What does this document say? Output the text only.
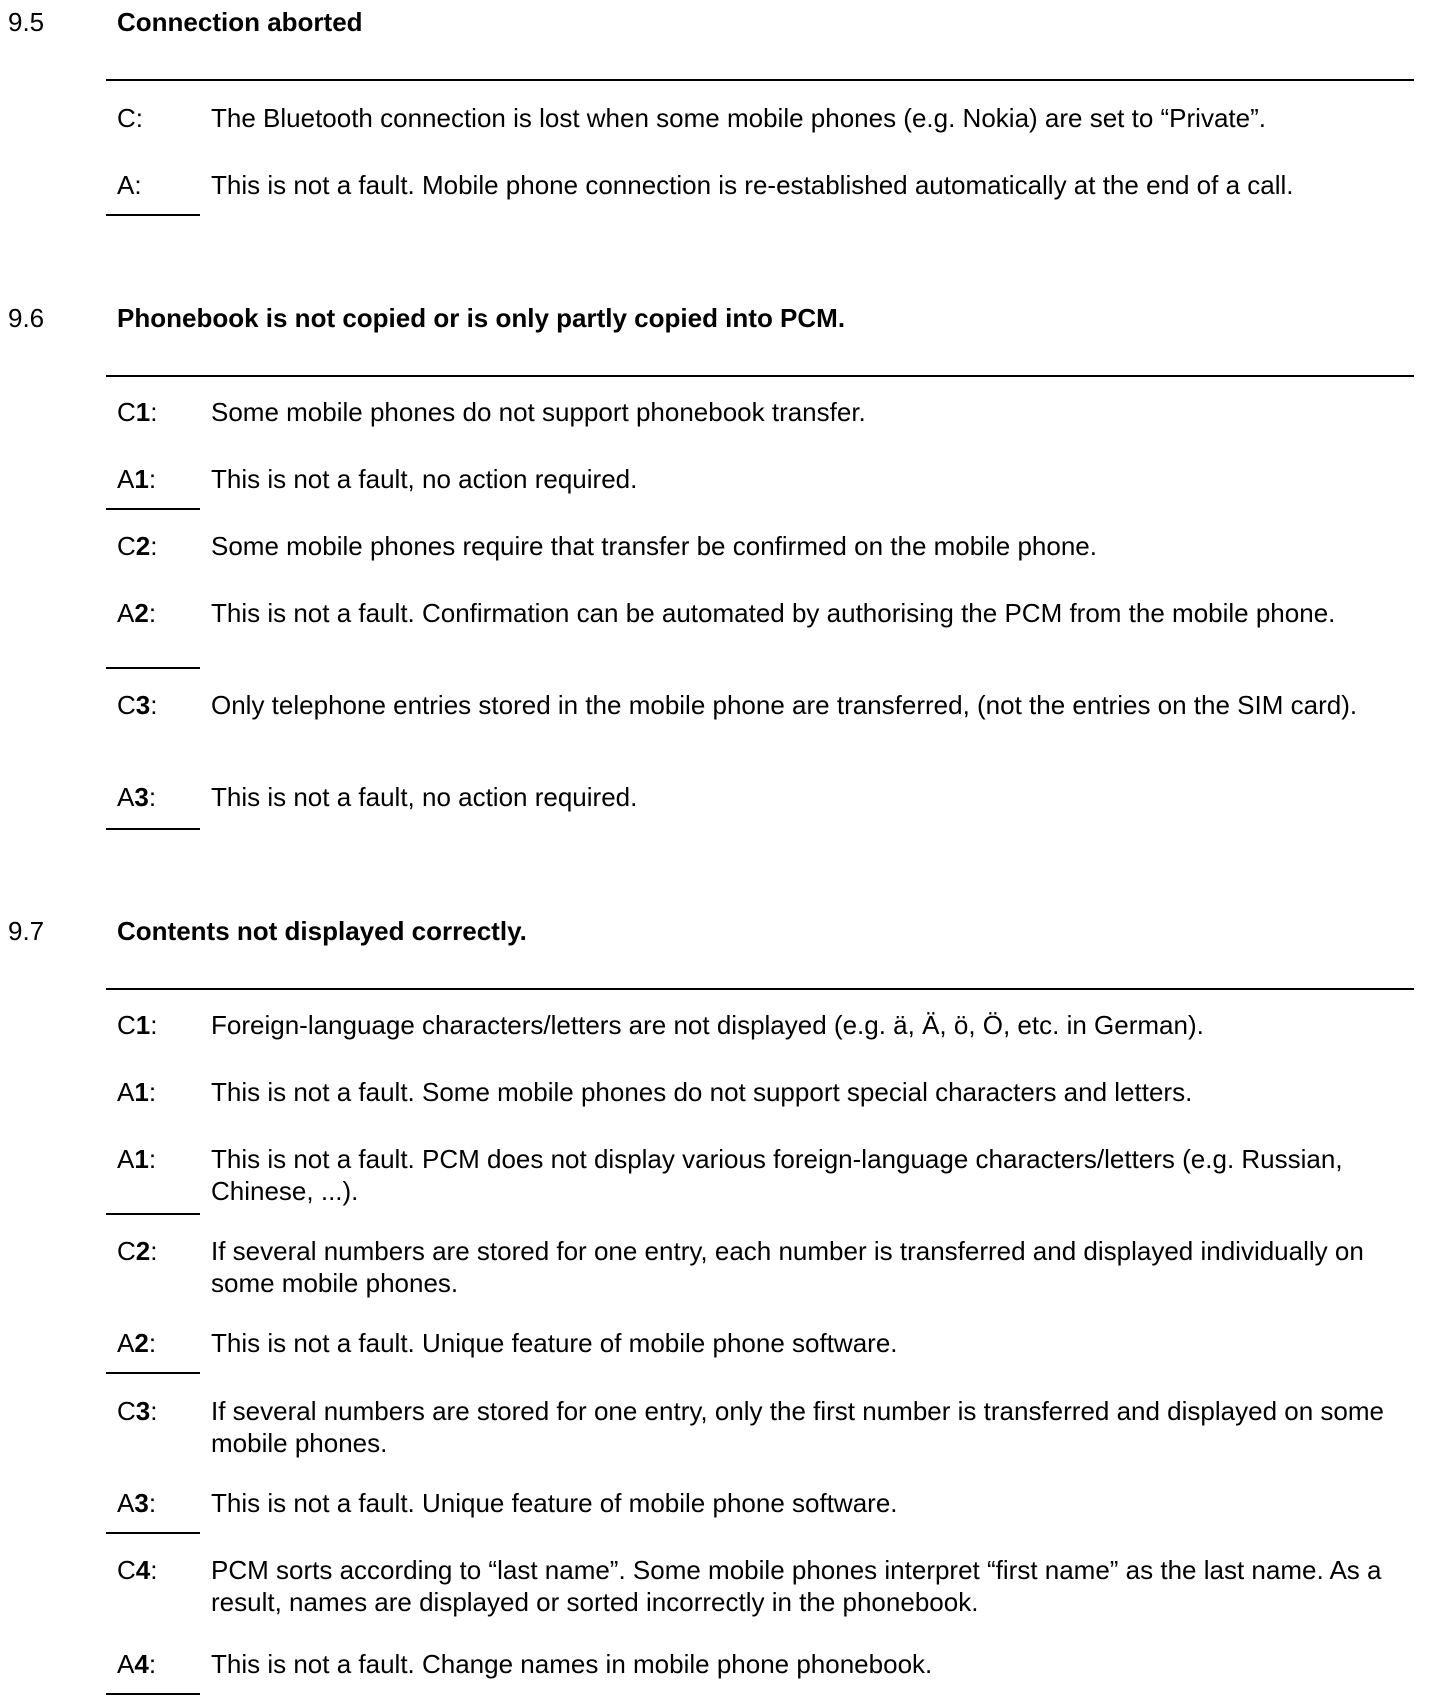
9.5	Connection aborted
C:	The Bluetooth connection is lost when some mobile phones (e.g. Nokia) are set to “Private”.
A:	This is not a fault. Mobile phone connection is re-established automatically at the end of a call.
9.6	Phonebook is not copied or is only partly copied into PCM.
C1: Some mobile phones do not support phonebook transfer.
A1: This is not a fault, no action required.
C2: Some mobile phones require that transfer be confirmed on the mobile phone.
A2: This is not a fault. Confirmation can be automated by authorising the PCM from the mobile phone.
C3: Only telephone entries stored in the mobile phone are transferred, (not the entries on the SIM card).
A3: This is not a fault, no action required.
9.7	Contents not displayed correctly.
C1: Foreign-language characters/letters are not displayed (e.g. ä, Ä, ö, Ö, etc. in German).
A1: This is not a fault. Some mobile phones do not support special characters and letters.
A1: This is not a fault. PCM does not display various foreign-language characters/letters (e.g. Russian, Chinese, ...).
C2: If several numbers are stored for one entry, each number is transferred and displayed individually on some mobile phones.
A2: This is not a fault. Unique feature of mobile phone software.
C3: If several numbers are stored for one entry, only the first number is transferred and displayed on some mobile phones.
A3: This is not a fault. Unique feature of mobile phone software.
C4: PCM sorts according to “last name”. Some mobile phones interpret “first name” as the last name. As a result, names are displayed or sorted incorrectly in the phonebook.
A4: This is not a fault. Change names in mobile phone phonebook.
